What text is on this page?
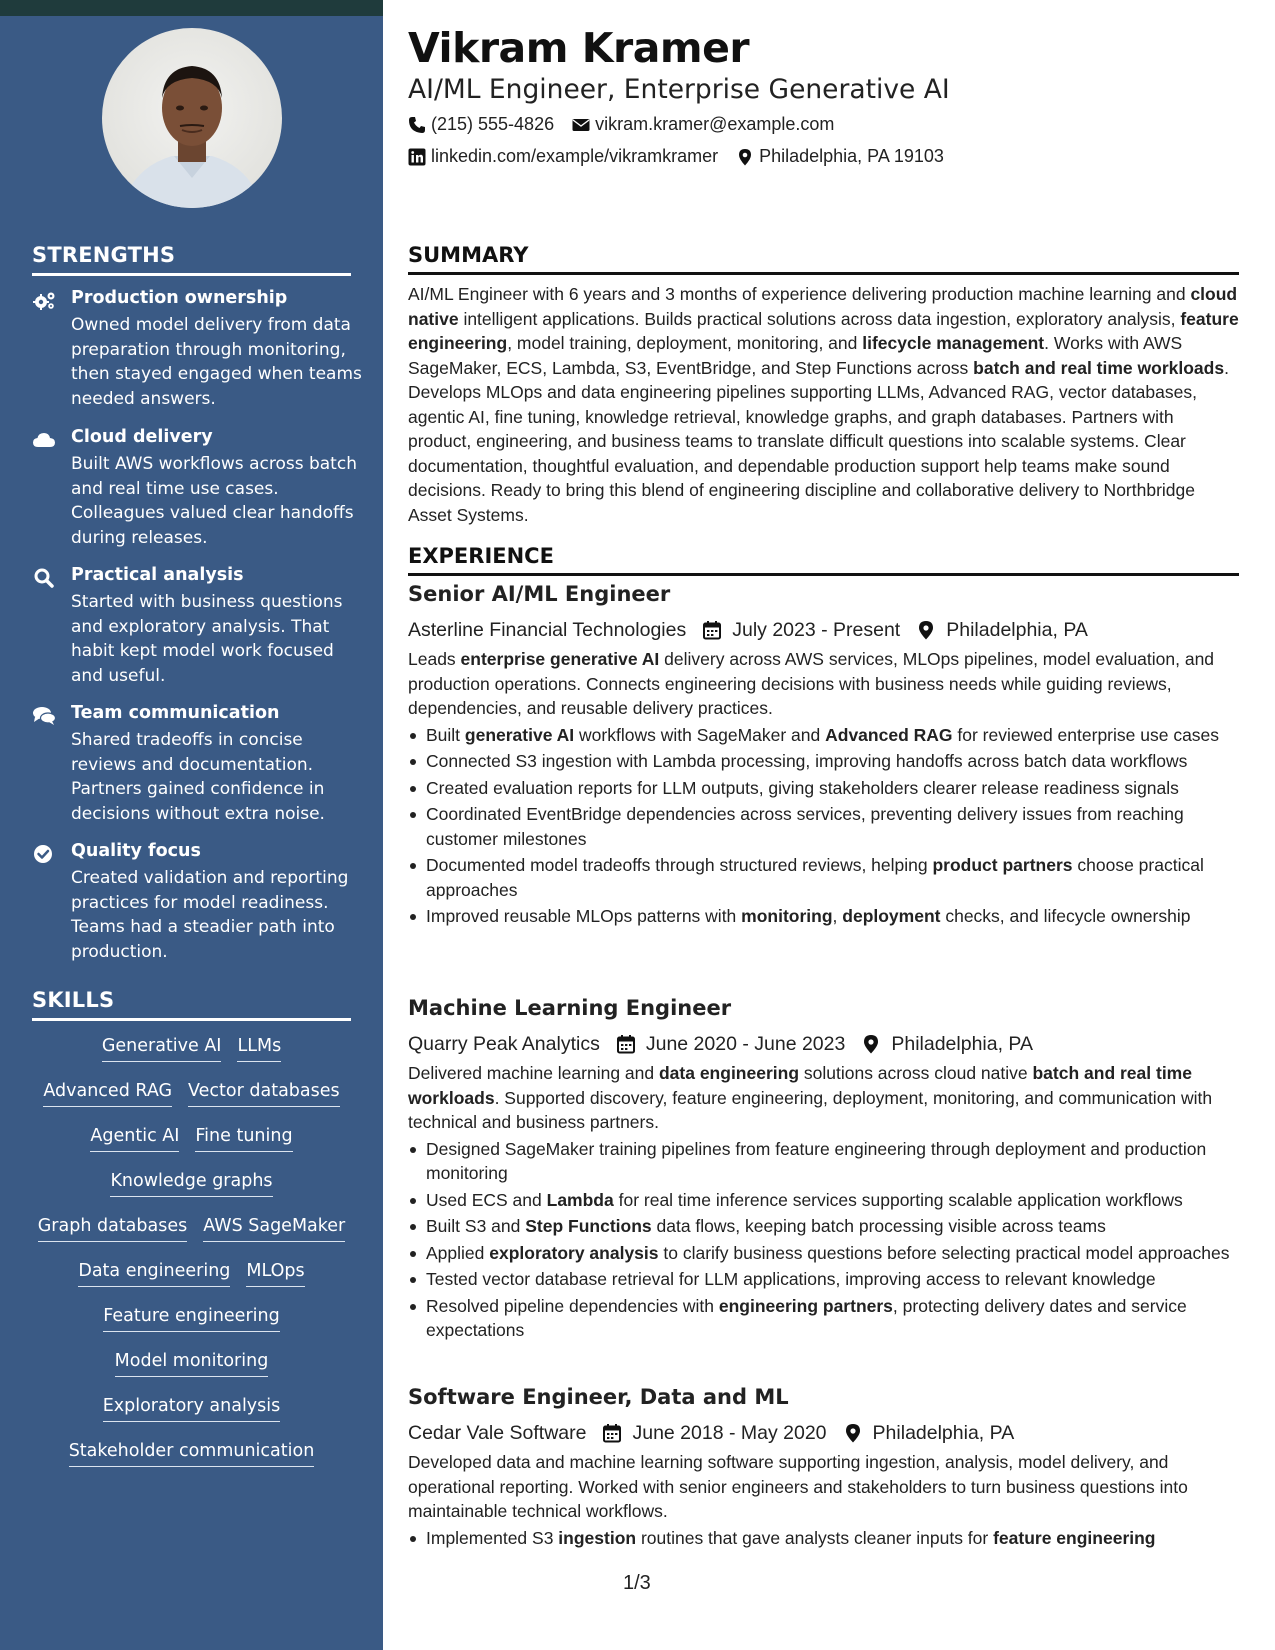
STRENGTHS
Production ownership
Owned model delivery from data preparation through monitoring, then stayed engaged when teams needed answers.
Cloud delivery
Built AWS workflows across batch and real time use cases. Colleagues valued clear handoffs during releases.
Practical analysis
Started with business questions and exploratory analysis. That habit kept model work focused and useful.
Team communication
Shared tradeoffs in concise reviews and documentation. Partners gained confidence in decisions without extra noise.
Quality focus
Created validation and reporting practices for model readiness. Teams had a steadier path into production.
SKILLS
Generative AI LLMs
Advanced RAG Vector databases
Agentic AI Fine tuning
Knowledge graphs
Graph databases AWS SageMaker
Data engineering MLOps
Feature engineering
Model monitoring
Exploratory analysis
Stakeholder communication
Vikram Kramer
AI/ML Engineer, Enterprise Generative AI
(215) 555-4826 vikram.kramer@example.com
linkedin.com/example/vikramkramer Philadelphia, PA 19103
SUMMARY
AI/ML Engineer with 6 years and 3 months of experience delivering production machine learning and cloud native intelligent applications. Builds practical solutions across data ingestion, exploratory analysis, feature engineering, model training, deployment, monitoring, and lifecycle management. Works with AWS SageMaker, ECS, Lambda, S3, EventBridge, and Step Functions across batch and real time workloads. Develops MLOps and data engineering pipelines supporting LLMs, Advanced RAG, vector databases, agentic AI, fine tuning, knowledge retrieval, knowledge graphs, and graph databases. Partners with product, engineering, and business teams to translate difficult questions into scalable systems. Clear documentation, thoughtful evaluation, and dependable production support help teams make sound decisions. Ready to bring this blend of engineering discipline and collaborative delivery to Northbridge Asset Systems.
EXPERIENCE
Senior AI/ML Engineer
Asterline Financial Technologies July 2023 - Present Philadelphia, PA
Leads enterprise generative AI delivery across AWS services, MLOps pipelines, model evaluation, and production operations. Connects engineering decisions with business needs while guiding reviews, dependencies, and reusable delivery practices.
Built generative AI workflows with SageMaker and Advanced RAG for reviewed enterprise use cases
Connected S3 ingestion with Lambda processing, improving handoffs across batch data workflows
Created evaluation reports for LLM outputs, giving stakeholders clearer release readiness signals
Coordinated EventBridge dependencies across services, preventing delivery issues from reaching customer milestones
Documented model tradeoffs through structured reviews, helping product partners choose practical approaches
Improved reusable MLOps patterns with monitoring, deployment checks, and lifecycle ownership
Machine Learning Engineer
Quarry Peak Analytics June 2020 - June 2023 Philadelphia, PA
Delivered machine learning and data engineering solutions across cloud native batch and real time workloads. Supported discovery, feature engineering, deployment, monitoring, and communication with technical and business partners.
Designed SageMaker training pipelines from feature engineering through deployment and production monitoring
Used ECS and Lambda for real time inference services supporting scalable application workflows
Built S3 and Step Functions data flows, keeping batch processing visible across teams
Applied exploratory analysis to clarify business questions before selecting practical model approaches
Tested vector database retrieval for LLM applications, improving access to relevant knowledge
Resolved pipeline dependencies with engineering partners, protecting delivery dates and service expectations
Software Engineer, Data and ML
Cedar Vale Software June 2018 - May 2020 Philadelphia, PA
Developed data and machine learning software supporting ingestion, analysis, model delivery, and operational reporting. Worked with senior engineers and stakeholders to turn business questions into maintainable technical workflows.
Implemented S3 ingestion routines that gave analysts cleaner inputs for feature engineering
1/3
